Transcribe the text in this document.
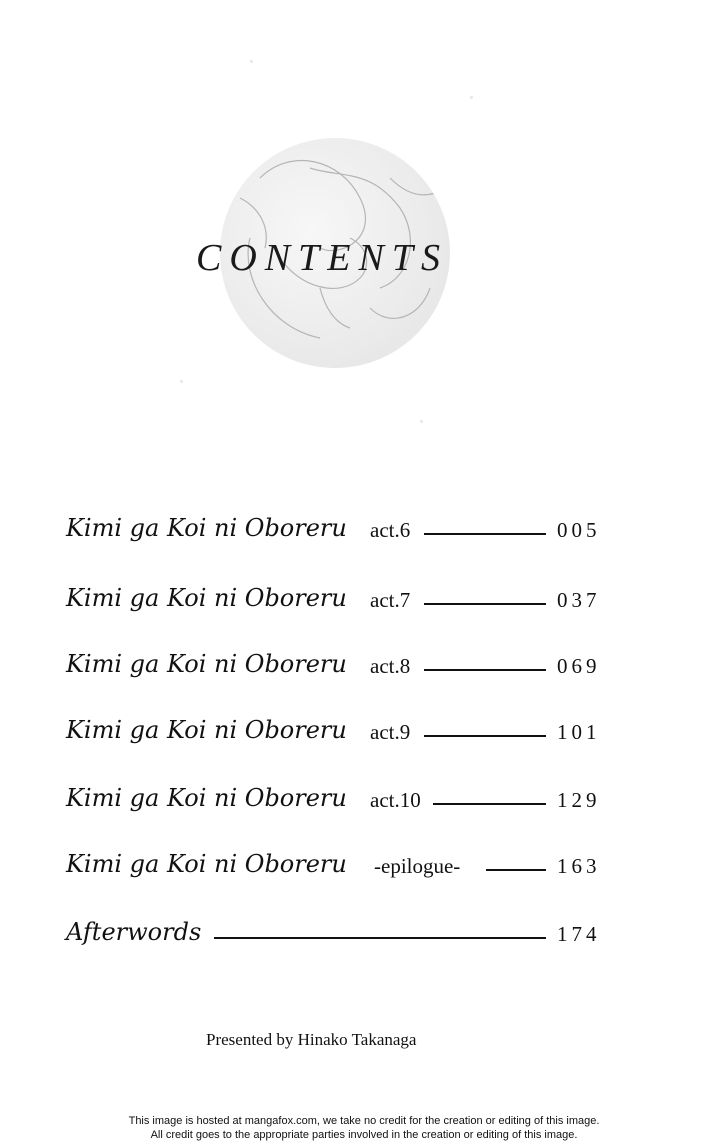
CONTENTS
Kimi ga Koi ni Oboreru act.6	005
Kimi ga Koi ni Oboreru act.7	037
Kimi ga Koi ni Oboreru act.8	069
Kimi ga Koi ni Oboreru act.9	101
Kimi ga Koi ni Oboreru act.10	129
Kimi ga Koi ni Oboreru -epilogue-	163
Afterwords	174
Presented by Hinako Takanaga
This image is hosted at mangafox.com, we take no credit for the creation or editing of this image.
All credit goes to the appropriate parties involved in the creation or editing of this image.
